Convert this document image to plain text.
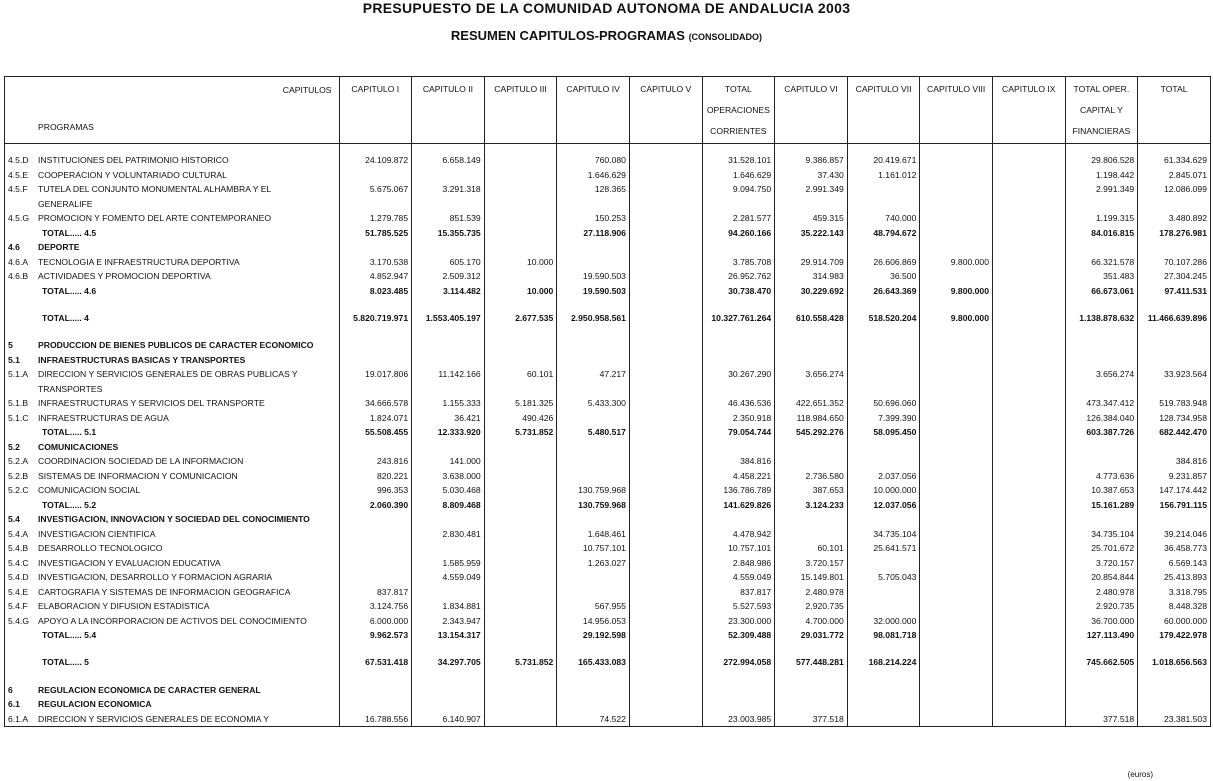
PRESUPUESTO DE LA COMUNIDAD AUTONOMA DE ANDALUCIA 2003
RESUMEN CAPITULOS-PROGRAMAS (CONSOLIDADO)
CAPITULOS
PROGRAMAS	CAPITULO I	CAPITULO II	CAPITULO III	CAPITULO IV	CAPITULO V	TOTAL OPERACIONES CORRIENTES	CAPITULO VI	CAPITULO VII	CAPITULO VIII	CAPITULO IX	TOTAL OPER. CAPITAL Y FINANCIERAS	TOTAL

4.5.D INSTITUCIONES DEL PATRIMONIO HISTORICO	24.109.872	6.658.149		760.080		31.528.101	9.386.857	20.419.671			29.806.528	61.334.629
4.5.E COOPERACION Y VOLUNTARIADO CULTURAL				1.646.629		1.646.629	37.430	1.161.012			1.198.442	2.845.071
4.5.F TUTELA DEL CONJUNTO MONUMENTAL ALHAMBRA Y EL	5.675.067	3.291.318		128.365		9.094.750	2.991.349				2.991.349	12.086.099
GENERALIFE												
4.5.G PROMOCION Y FOMENTO DEL ARTE CONTEMPORANEO	1.279.785	851.539		150.253		2.281.577	459.315	740.000			1.199.315	3.480.892
TOTAL..... 4.5	51.785.525	15.355.735		27.118.906		94.260.166	35.222.143	48.794.672			84.016.815	178.276.981
4.6 DEPORTE												
4.6.A TECNOLOGIA E INFRAESTRUCTURA DEPORTIVA	3.170.538	605.170	10.000			3.785.708	29.914.709	26.606.869	9.800.000		66.321.578	70.107.286
4.6.B ACTIVIDADES Y PROMOCION DEPORTIVA	4.852.947	2.509.312		19.590.503		26.952.762	314.983	36.500			351.483	27.304.245
TOTAL..... 4.6	8.023.485	3.114.482	10.000	19.590.503		30.738.470	30.229.692	26.643.369	9.800.000		66.673.061	97.411.531

TOTAL..... 4	5.820.719.971	1.553.405.197	2.677.535	2.950.958.561		10.327.761.264	610.558.428	518.520.204	9.800.000		1.138.878.632	11.466.639.896

5 PRODUCCION DE BIENES PUBLICOS DE CARACTER ECONOMICO												
5.1 INFRAESTRUCTURAS BASICAS Y TRANSPORTES												
5.1.A DIRECCION Y SERVICIOS GENERALES DE OBRAS PUBLICAS Y	19.017.806	11.142.166	60.101	47.217		30.267.290	3.656.274				3.656.274	33.923.564
TRANSPORTES												
5.1.B INFRAESTRUCTURAS Y SERVICIOS DEL TRANSPORTE	34.666.578	1.155.333	5.181.325	5.433.300		46.436.536	422.651.352	50.696.060			473.347.412	519.783.948
5.1.C INFRAESTRUCTURAS DE AGUA	1.824.071	36.421	490.426			2.350.918	118.984.650	7.399.390			126.384.040	128.734.958
TOTAL..... 5.1	55.508.455	12.333.920	5.731.852	5.480.517		79.054.744	545.292.276	58.095.450			603.387.726	682.442.470
5.2 COMUNICACIONES												
5.2.A COORDINACION SOCIEDAD DE LA INFORMACION	243.816	141.000				384.816						384.816
5.2.B SISTEMAS DE INFORMACION Y COMUNICACION	820.221	3.638.000				4.458.221	2.736.580	2.037.056			4.773.636	9.231.857
5.2.C COMUNICACION SOCIAL	996.353	5.030.468		130.759.968		136.786.789	387.653	10.000.000			10.387.653	147.174.442
TOTAL..... 5.2	2.060.390	8.809.468		130.759.968		141.629.826	3.124.233	12.037.056			15.161.289	156.791.115
5.4 INVESTIGACION, INNOVACION Y SOCIEDAD DEL CONOCIMIENTO												
5.4.A INVESTIGACION CIENTIFICA		2.830.481		1.648.461		4.478.942		34.735.104			34.735.104	39.214.046
5.4.B DESARROLLO TECNOLOGICO				10.757.101		10.757.101	60.101	25.641.571			25.701.672	36.458.773
5.4.C INVESTIGACION Y EVALUACION EDUCATIVA		1.585.959		1.263.027		2.848.986	3.720.157				3.720.157	6.569.143
5.4.D INVESTIGACION, DESARROLLO Y FORMACION AGRARIA		4.559.049				4.559.049	15.149.801	5.705.043			20.854.844	25.413.893
5.4.E CARTOGRAFIA Y SISTEMAS DE INFORMACION GEOGRAFICA	837.817					837.817	2.480.978				2.480.978	3.318.795
5.4.F ELABORACION Y DIFUSION ESTADISTICA	3.124.756	1.834.881		567.955		5.527.593	2.920.735				2.920.735	8.448.328
5.4.G APOYO A LA INCORPORACION DE ACTIVOS DEL CONOCIMIENTO	6.000.000	2.343.947		14.956.053		23.300.000	4.700.000	32.000.000			36.700.000	60.000.000
TOTAL..... 5.4	9.962.573	13.154.317		29.192.598		52.309.488	29.031.772	98.081.718			127.113.490	179.422.978

TOTAL..... 5	67.531.418	34.297.705	5.731.852	165.433.083		272.994.058	577.448.281	168.214.224			745.662.505	1.018.656.563

6 REGULACION ECONOMICA DE CARACTER GENERAL												
6.1 REGULACION ECONOMICA												
6.1.A DIRECCION Y SERVICIOS GENERALES DE ECONOMIA Y	16.788.556	6.140.907		74.522		23.003.985	377.518				377.518	23.381.503
(euros)
